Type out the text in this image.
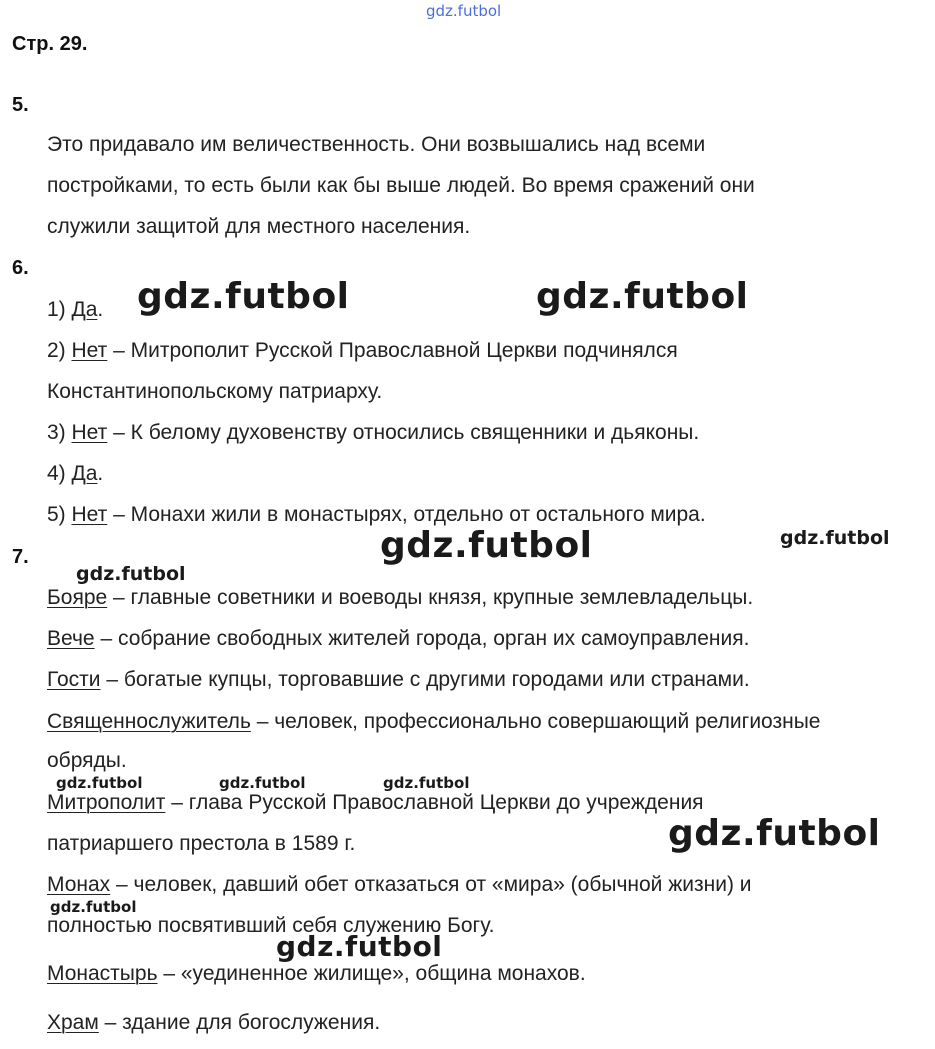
gdz.futbol
Стр. 29.
5.
Это придавало им величественность. Они возвышались над всеми
постройками, то есть были как бы выше людей. Во время сражений они
служили защитой для местного населения.
6.
1) Да.
2) Нет – Митрополит Русской Православной Церкви подчинялся
Константинопольскому патриарху.
3) Нет – К белому духовенству относились священники и дьяконы.
4) Да.
5) Нет – Монахи жили в монастырях, отдельно от остального мира.
7.
Бояре – главные советники и воеводы князя, крупные землевладельцы.
Вече – собрание свободных жителей города, орган их самоуправления.
Гости – богатые купцы, торговавшие с другими городами или странами.
Священнослужитель – человек, профессионально совершающий религиозные
обряды.
Митрополит – глава Русской Православной Церкви до учреждения
патриаршего престола в 1589 г.
Монах – человек, давший обет отказаться от «мира» (обычной жизни) и
полностью посвятивший себя служению Богу.
Монастырь – «уединенное жилище», община монахов.
Храм – здание для богослужения.
gdz.futbol	gdz.futbol
gdz.futbol	gdz.futbol
gdz.futbol
gdz.futbol	gdz.futbol	gdz.futbol
gdz.futbol
gdz.futbol
gdz.futbol
